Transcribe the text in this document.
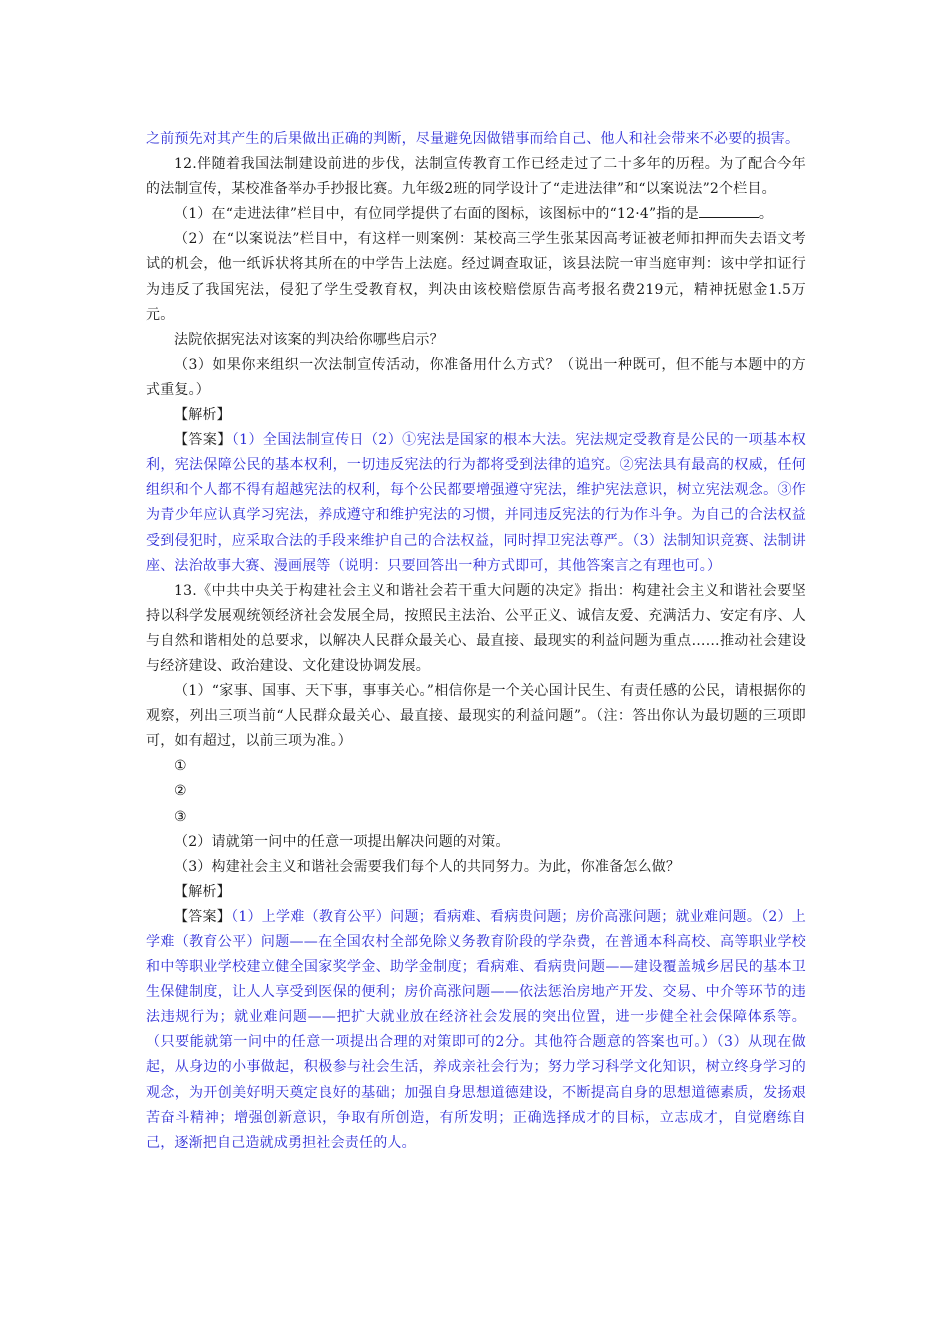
之前预先对其产生的后果做出正确的判断，尽量避免因做错事而给自己、他人和社会带来不必要的损害。

12.伴随着我国法制建设前进的步伐，法制宣传教育工作已经走过了二十多年的历程。为了配合今年的法制宣传，某校准备举办手抄报比赛。九年级2班的同学设计了“走进法律”和“以案说法”2个栏目。

（1）在“走进法律”栏目中，有位同学提供了右面的图标，该图标中的“12·4”指的是	。

（2）在“以案说法”栏目中，有这样一则案例：某校高三学生张某因高考证被老师扣押而失去语文考试的机会，他一纸诉状将其所在的中学告上法庭。经过调查取证，该县法院一审当庭审判：该中学扣证行为违反了我国宪法，侵犯了学生受教育权，判决由该校赔偿原告高考报名费219元，精神抚慰金1.5万元。

法院依据宪法对该案的判决给你哪些启示？

（3）如果你来组织一次法制宣传活动，你准备用什么方式？（说出一种既可，但不能与本题中的方式重复。）

【解析】

【答案】（1）全国法制宣传日（2）①宪法是国家的根本大法。宪法规定受教育是公民的一项基本权利，宪法保障公民的基本权利，一切违反宪法的行为都将受到法律的追究。②宪法具有最高的权威，任何组织和个人都不得有超越宪法的权利，每个公民都要增强遵守宪法，维护宪法意识，树立宪法观念。③作为青少年应认真学习宪法，养成遵守和维护宪法的习惯，并同违反宪法的行为作斗争。为自己的合法权益受到侵犯时，应采取合法的手段来维护自己的合法权益，同时捍卫宪法尊严。（3）法制知识竞赛、法制讲座、法治故事大赛、漫画展等（说明：只要回答出一种方式即可，其他答案言之有理也可。）

13.《中共中央关于构建社会主义和谐社会若干重大问题的决定》指出：构建社会主义和谐社会要坚持以科学发展观统领经济社会发展全局，按照民主法治、公平正义、诚信友爱、充满活力、安定有序、人与自然和谐相处的总要求，以解决人民群众最关心、最直接、最现实的利益问题为重点……推动社会建设与经济建设、政治建设、文化建设协调发展。

（1）“家事、国事、天下事，事事关心。”相信你是一个关心国计民生、有责任感的公民，请根据你的观察，列出三项当前“人民群众最关心、最直接、最现实的利益问题”。（注：答出你认为最切题的三项即可，如有超过，以前三项为准。）

①

②

③

（2）请就第一问中的任意一项提出解决问题的对策。

（3）构建社会主义和谐社会需要我们每个人的共同努力。为此，你准备怎么做？

【解析】

【答案】（1）上学难（教育公平）问题；看病难、看病贵问题；房价高涨问题；就业难问题。（2）上学难（教育公平）问题——在全国农村全部免除义务教育阶段的学杂费，在普通本科高校、高等职业学校和中等职业学校建立健全国家奖学金、助学金制度；看病难、看病贵问题——建设覆盖城乡居民的基本卫生保健制度，让人人享受到医保的便利；房价高涨问题——依法惩治房地产开发、交易、中介等环节的违法违规行为；就业难问题——把扩大就业放在经济社会发展的突出位置，进一步健全社会保障体系等。（只要能就第一问中的任意一项提出合理的对策即可的2分。其他符合题意的答案也可。）（3）从现在做起，从身边的小事做起，积极参与社会生活，养成亲社会行为；努力学习科学文化知识，树立终身学习的观念，为开创美好明天奠定良好的基础；加强自身思想道德建设，不断提高自身的思想道德素质，发扬艰苦奋斗精神；增强创新意识，争取有所创造，有所发明；正确选择成才的目标，立志成才，自觉磨练自己，逐渐把自己造就成勇担社会责任的人。
